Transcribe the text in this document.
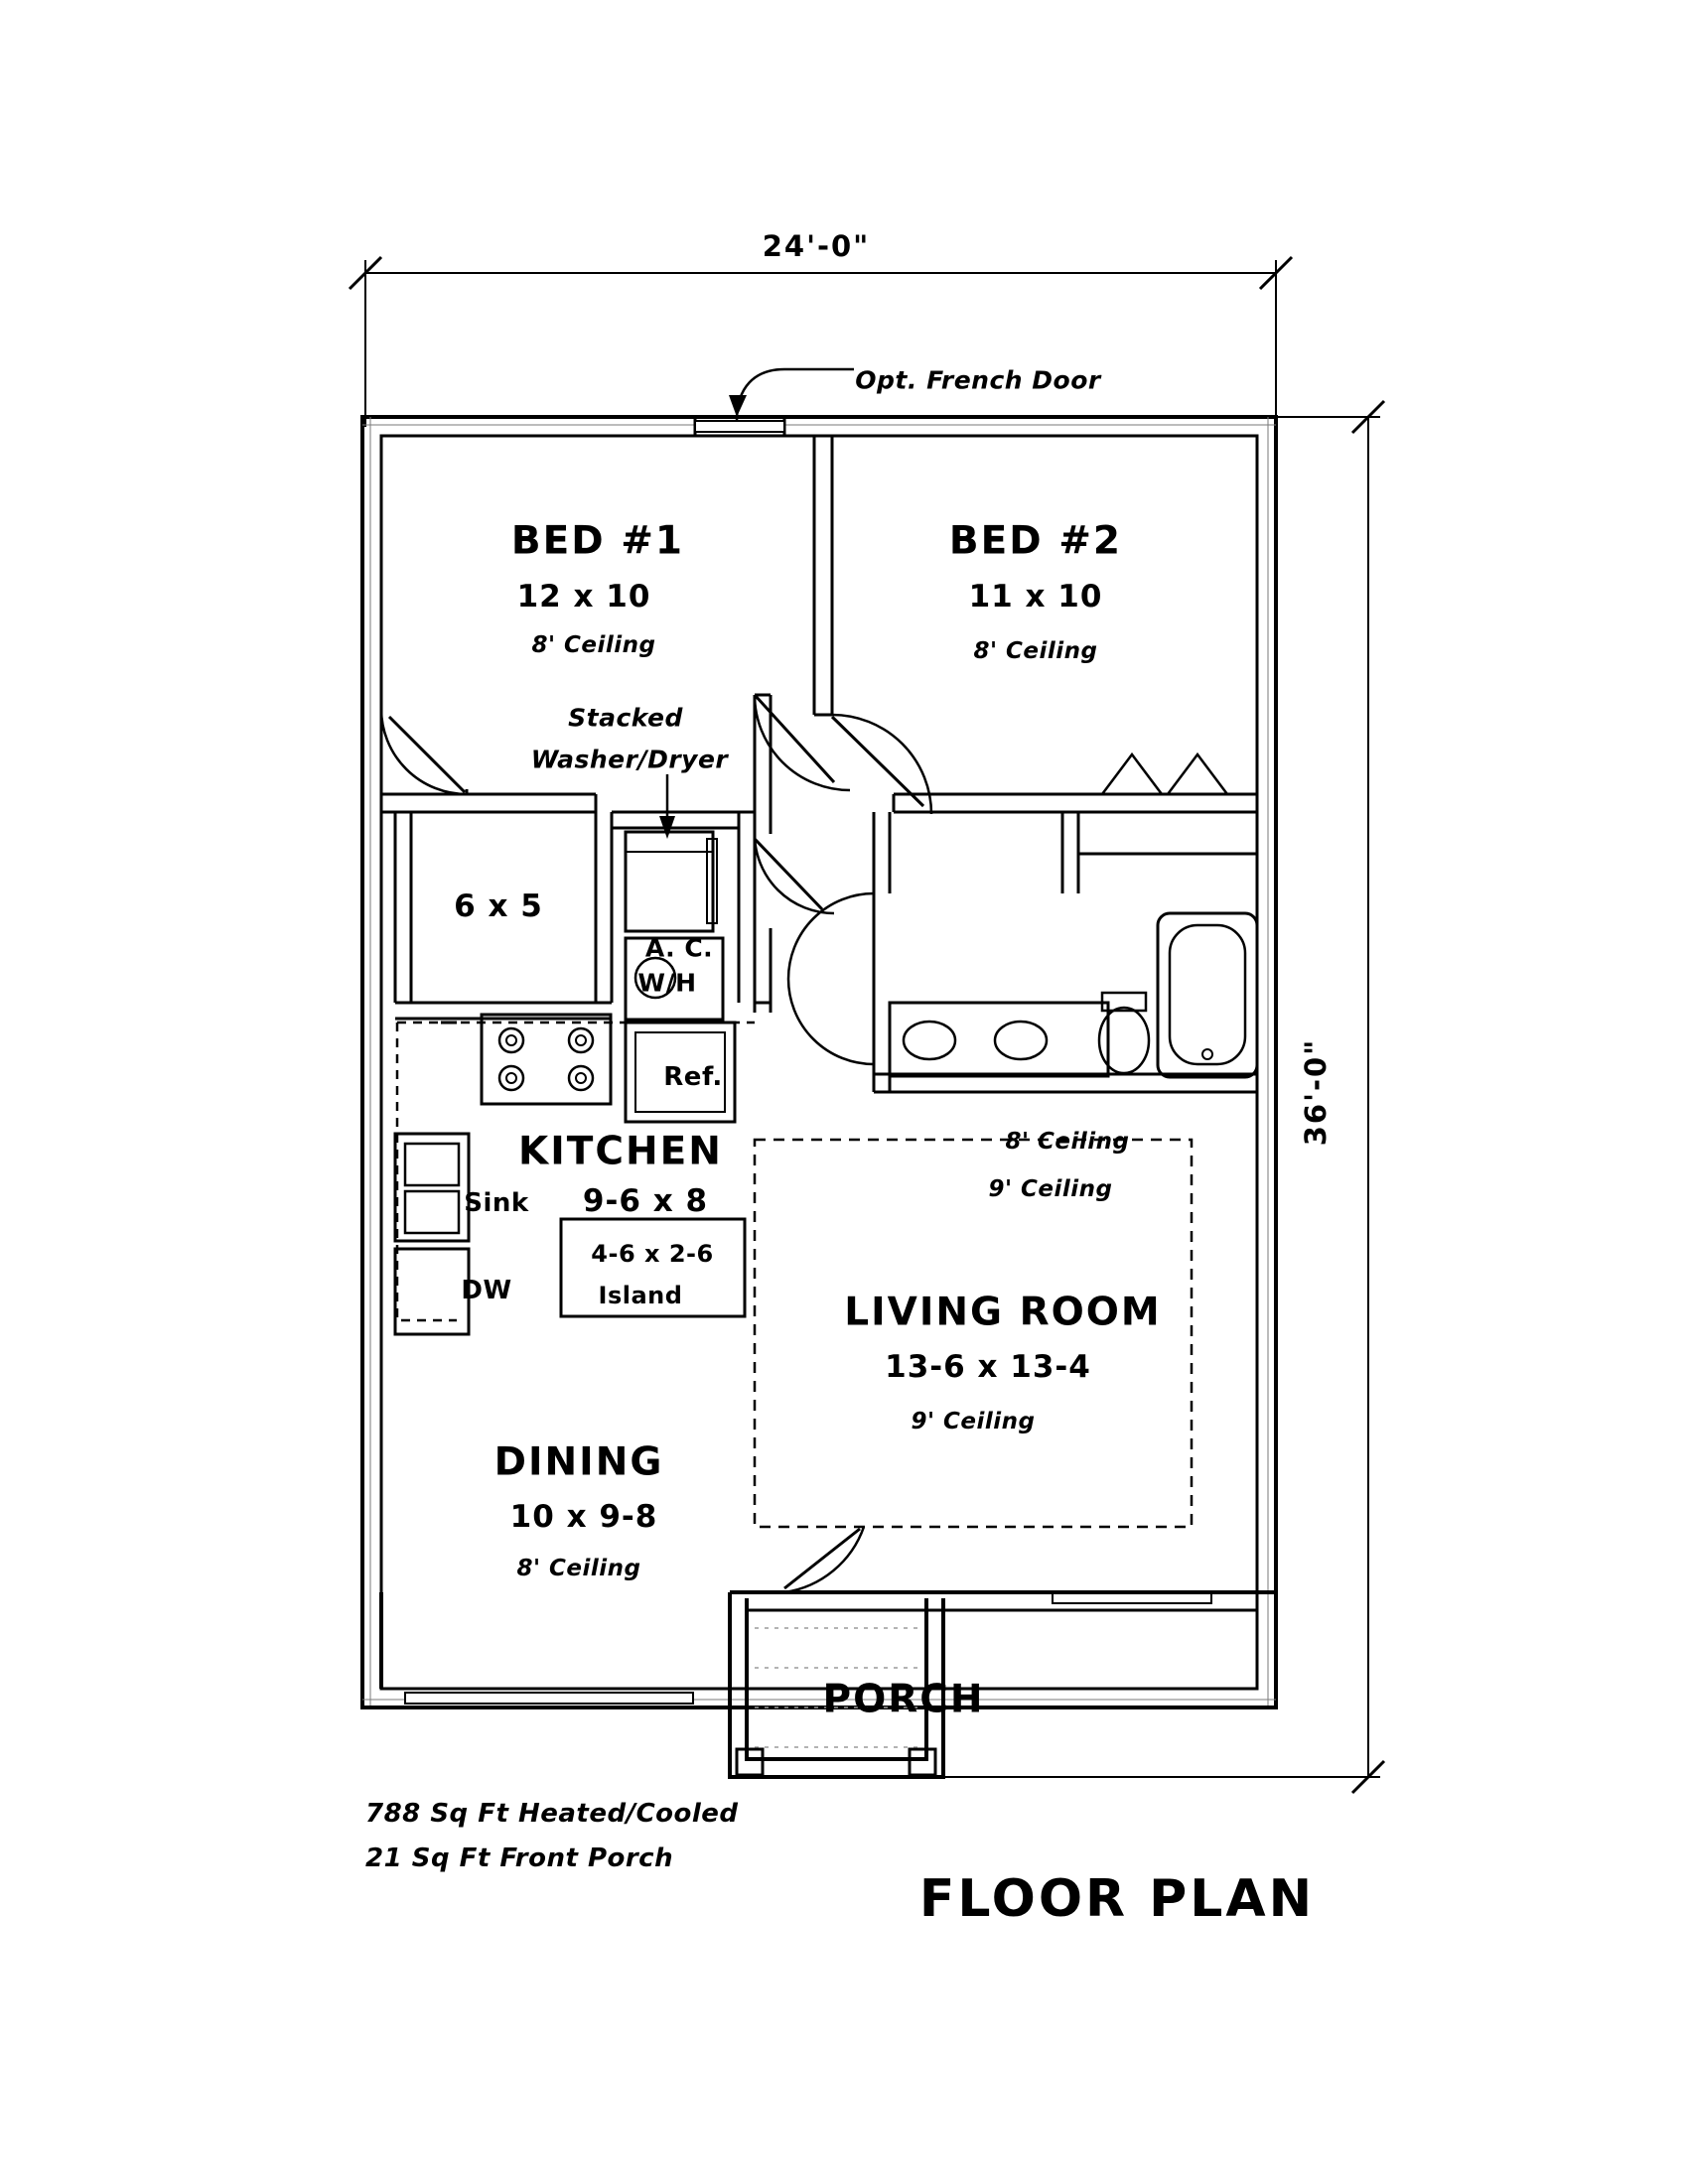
24'-0"
36'-0"
Opt. French Door
BED #1
12 x 10
8' Ceiling
BED #2
11 x 10
8' Ceiling
Stacked
Washer/Dryer
6 x 5
A. C.
W/H
Ref.
KITCHEN
9-6 x 8
Sink
DW
4-6 x 2-6
Island
8' Ceiling
9' Ceiling
LIVING ROOM
13-6 x 13-4
9' Ceiling
DINING
10 x 9-8
8' Ceiling
PORCH
788 Sq Ft Heated/Cooled
21 Sq Ft Front Porch
FLOOR PLAN
